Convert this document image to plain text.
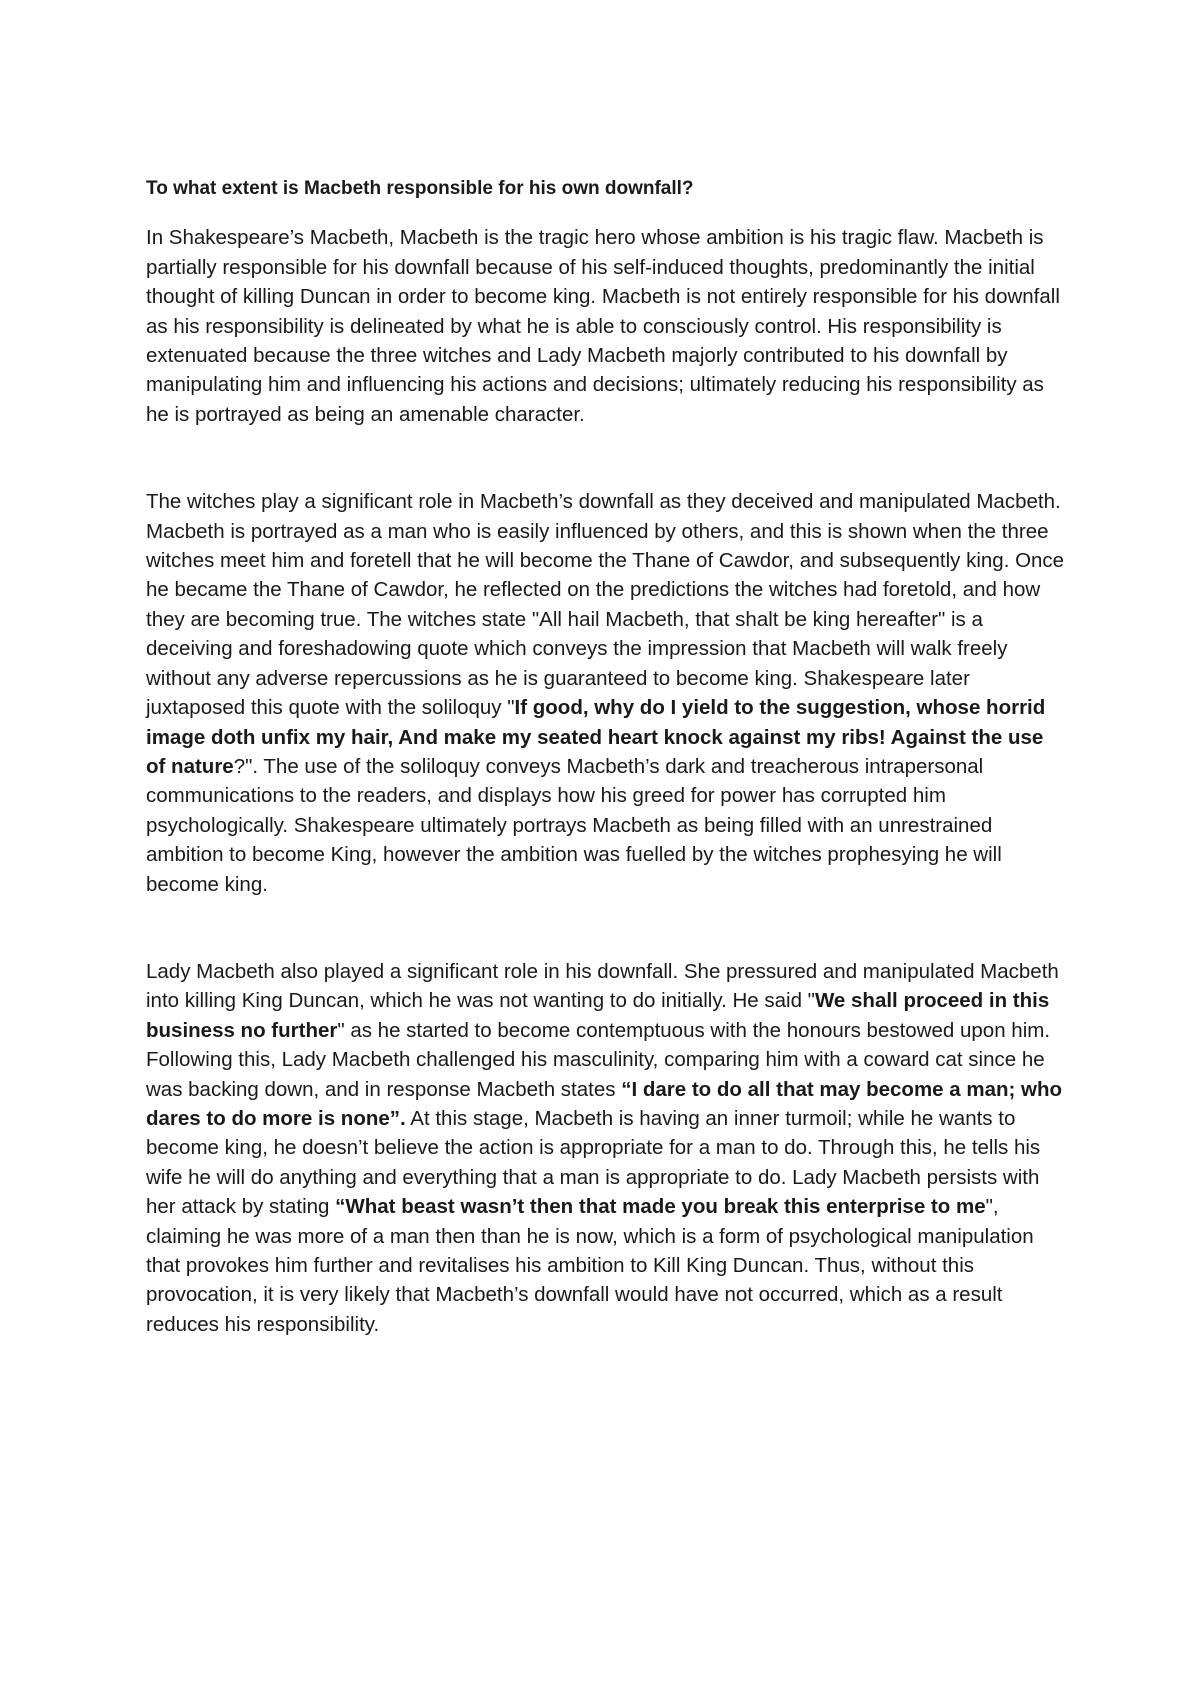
To what extent is Macbeth responsible for his own downfall?

In Shakespeare’s Macbeth, Macbeth is the tragic hero whose ambition is his tragic flaw. Macbeth is partially responsible for his downfall because of his self-induced thoughts, predominantly the initial thought of killing Duncan in order to become king. Macbeth is not entirely responsible for his downfall as his responsibility is delineated by what he is able to consciously control. His responsibility is extenuated because the three witches and Lady Macbeth majorly contributed to his downfall by manipulating him and influencing his actions and decisions; ultimately reducing his responsibility as he is portrayed as being an amenable character.

The witches play a significant role in Macbeth’s downfall as they deceived and manipulated Macbeth. Macbeth is portrayed as a man who is easily influenced by others, and this is shown when the three witches meet him and foretell that he will become the Thane of Cawdor, and subsequently king. Once he became the Thane of Cawdor, he reflected on the predictions the witches had foretold, and how they are becoming true. The witches state "All hail Macbeth, that shalt be king hereafter" is a deceiving and foreshadowing quote which conveys the impression that Macbeth will walk freely without any adverse repercussions as he is guaranteed to become king. Shakespeare later juxtaposed this quote with the soliloquy "If good, why do I yield to the suggestion, whose horrid image doth unfix my hair, And make my seated heart knock against my ribs! Against the use of nature?". The use of the soliloquy conveys Macbeth’s dark and treacherous intrapersonal communications to the readers, and displays how his greed for power has corrupted him psychologically. Shakespeare ultimately portrays Macbeth as being filled with an unrestrained ambition to become King, however the ambition was fuelled by the witches prophesying he will become king.

Lady Macbeth also played a significant role in his downfall. She pressured and manipulated Macbeth into killing King Duncan, which he was not wanting to do initially. He said "We shall proceed in this business no further" as he started to become contemptuous with the honours bestowed upon him. Following this, Lady Macbeth challenged his masculinity, comparing him with a coward cat since he was backing down, and in response Macbeth states “I dare to do all that may become a man; who dares to do more is none”. At this stage, Macbeth is having an inner turmoil; while he wants to become king, he doesn’t believe the action is appropriate for a man to do. Through this, he tells his wife he will do anything and everything that a man is appropriate to do. Lady Macbeth persists with her attack by stating “What beast wasn’t then that made you break this enterprise to me", claiming he was more of a man then than he is now, which is a form of psychological manipulation that provokes him further and revitalises his ambition to Kill King Duncan. Thus, without this provocation, it is very likely that Macbeth’s downfall would have not occurred, which as a result reduces his responsibility.
